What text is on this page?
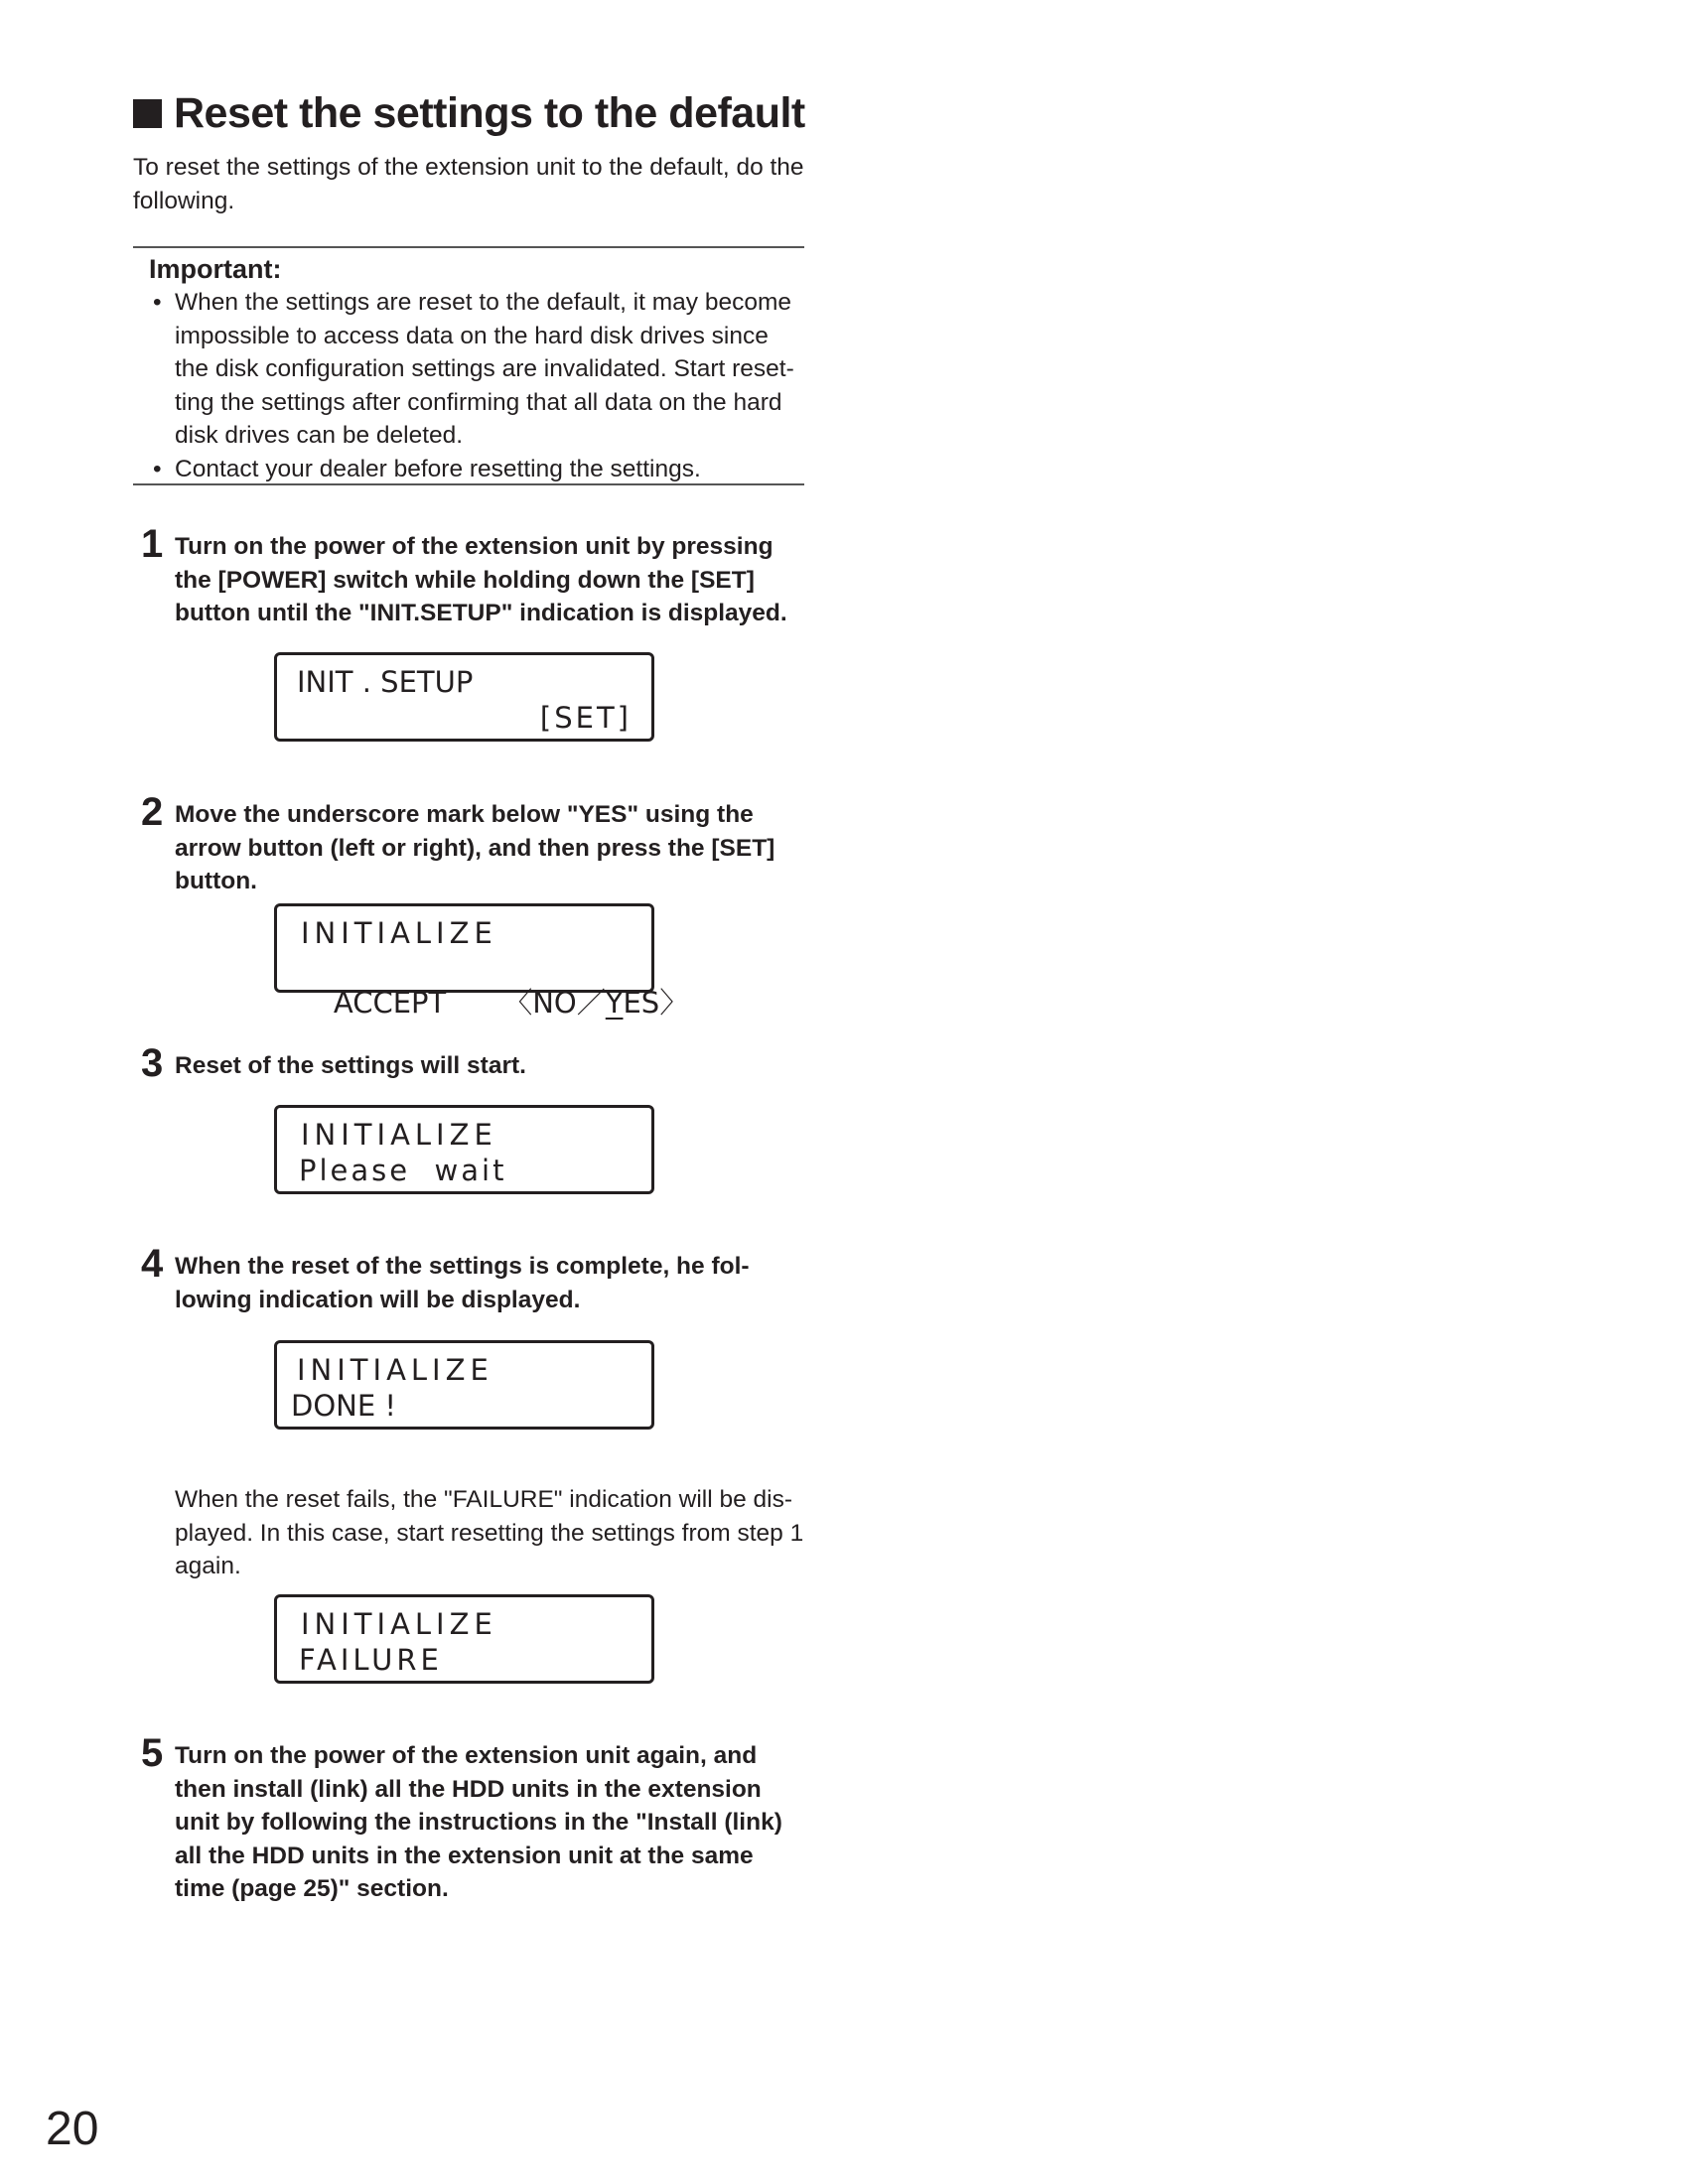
Reset the settings to the default
To reset the settings of the extension unit to the default, do the following.
Important:
• When the settings are reset to the default, it may become impossible to access data on the hard disk drives since the disk configuration settings are invalidated. Start reset-ting the settings after confirming that all data on the hard disk drives can be deleted.
• Contact your dealer before resetting the settings.
1 Turn on the power of the extension unit by pressing the [POWER] switch while holding down the [SET] button until the "INIT.SETUP" indication is displayed.
INIT . SETUP
[SET]
2 Move the underscore mark below "YES" using the arrow button (left or right), and then press the [SET] button.
INITIALIZE

ACCEPT 〈NO／YES〉

3 Reset of the settings will start.
INITIALIZE
Please  wait
4 When the reset of the settings is complete, he fol-lowing indication will be displayed.
INITIALIZE
DONE !
When the reset fails, the "FAILURE" indication will be dis-played. In this case, start resetting the settings from step 1 again.
INITIALIZE
FAILURE
5 Turn on the power of the extension unit again, and then install (link) all the HDD units in the extension unit by following the instructions in the "Install (link) all the HDD units in the extension unit at the same time (page 25)" section.
20
